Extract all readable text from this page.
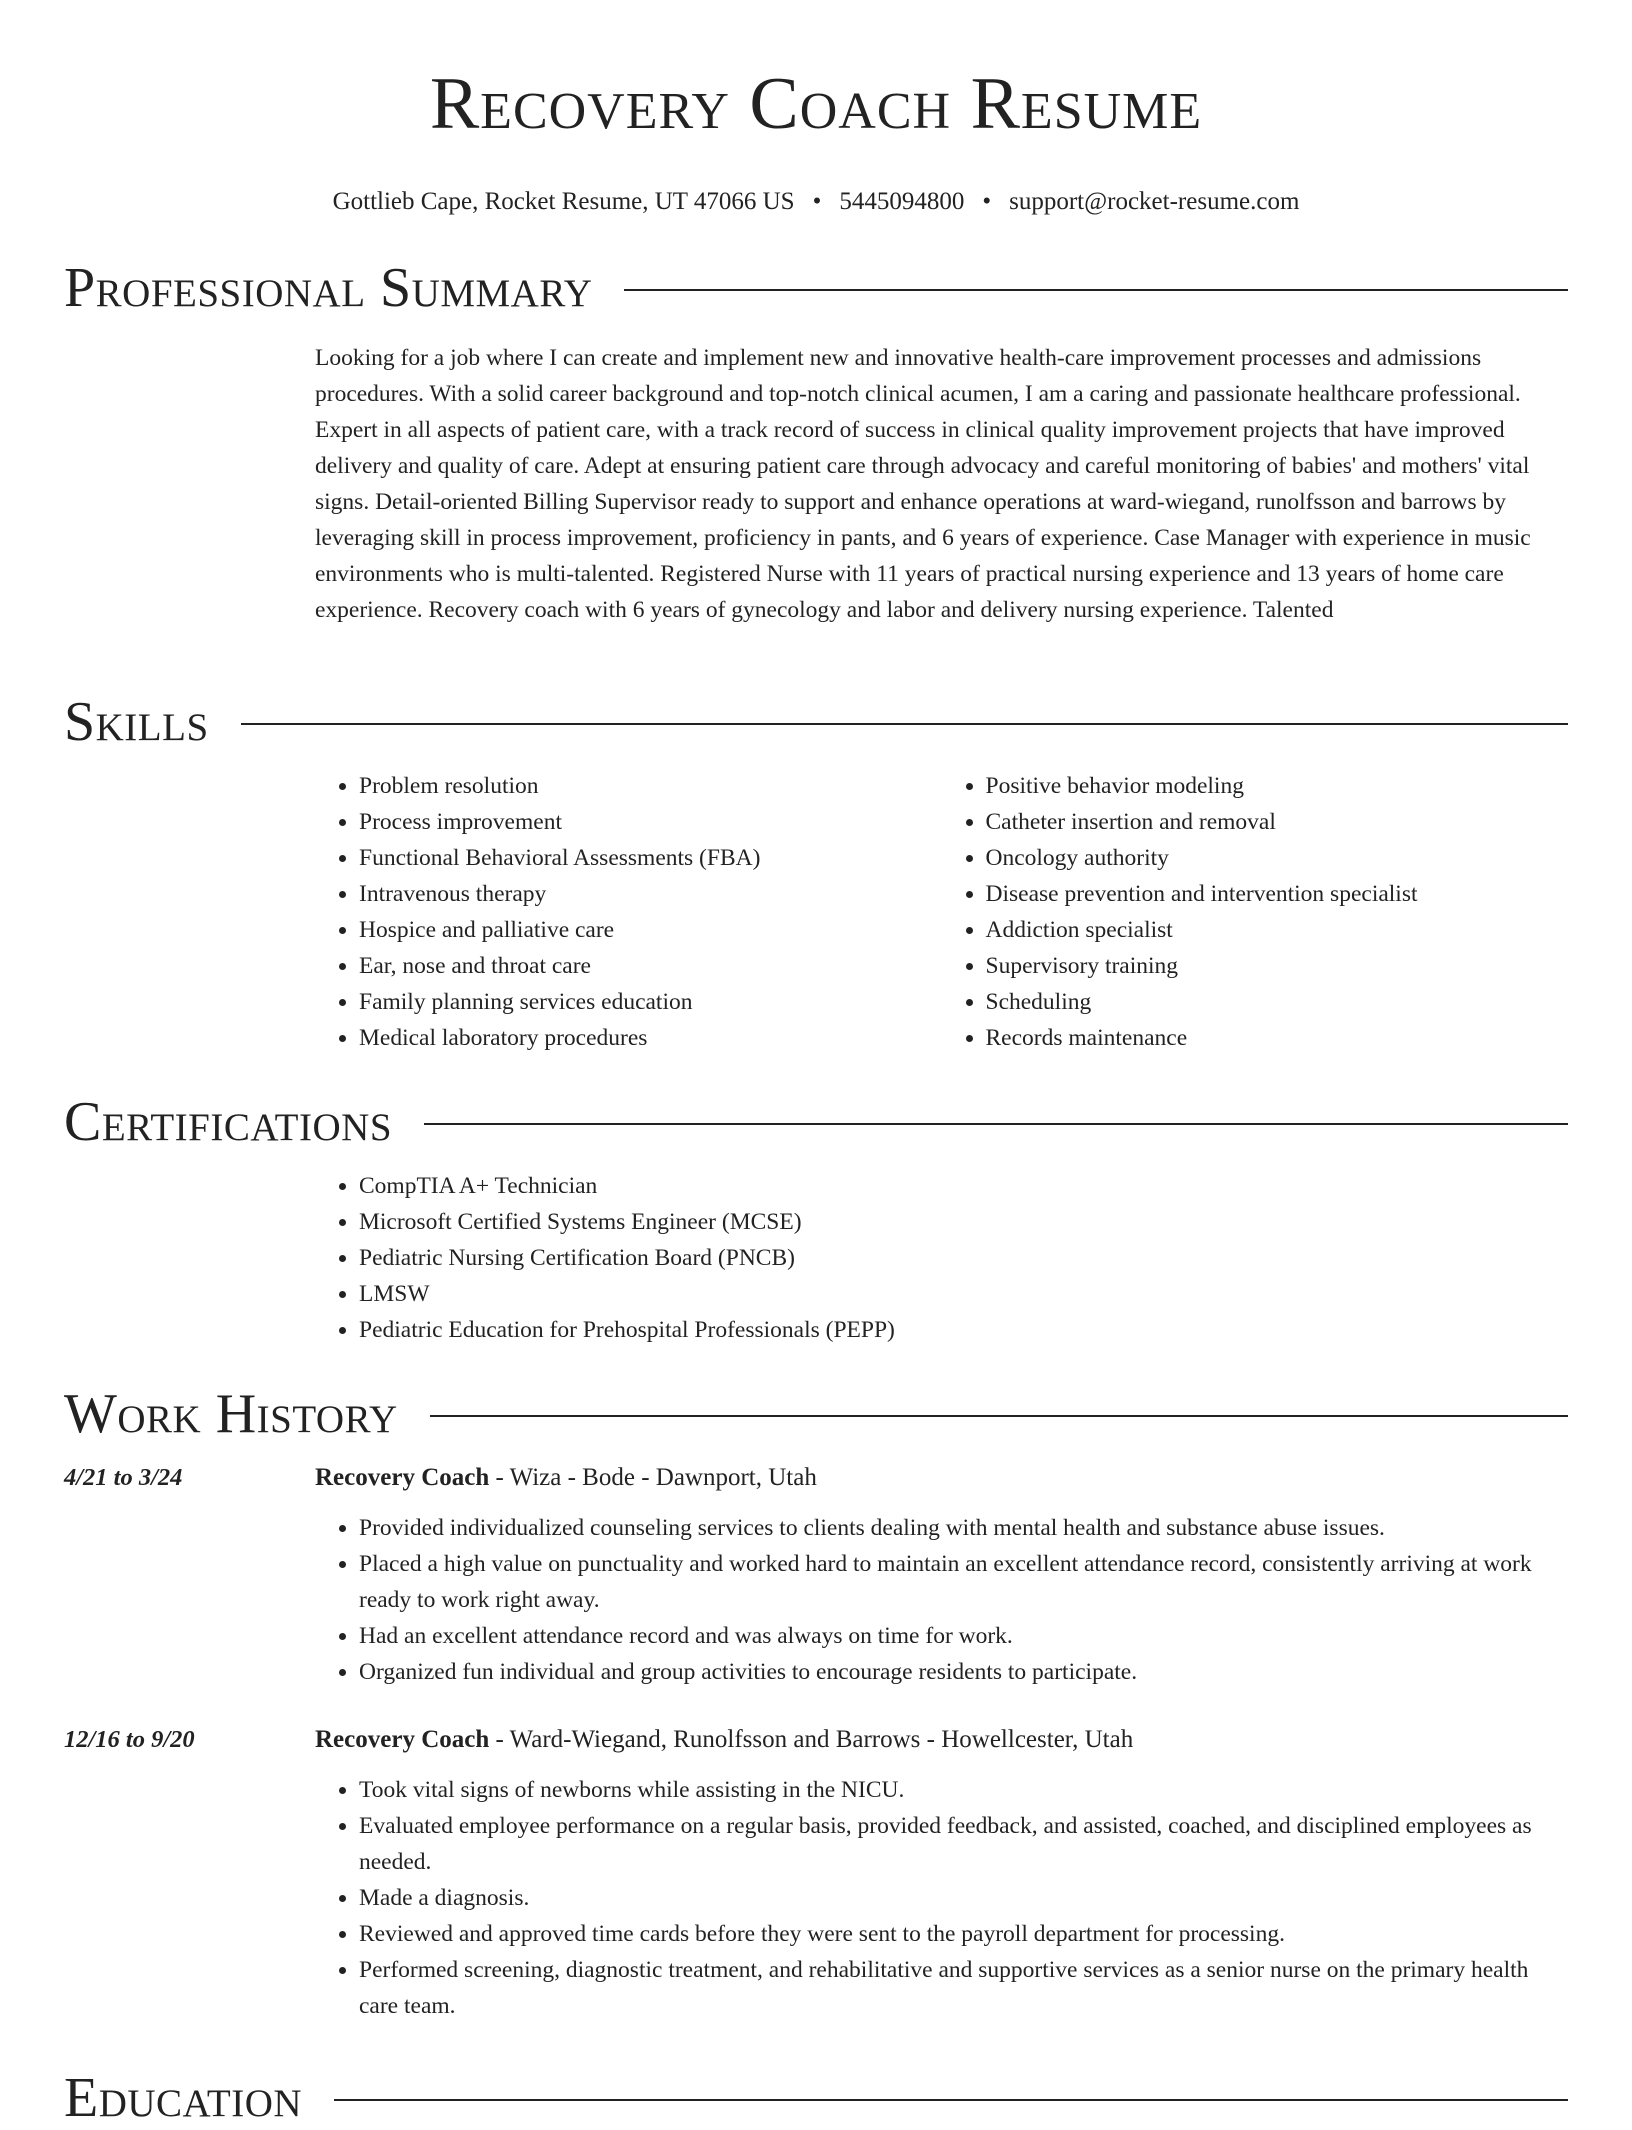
Recovery Coach Resume
Gottlieb Cape, Rocket Resume, UT 47066 US • 5445094800 • support@rocket-resume.com
Professional Summary

Looking for a job where I can create and implement new and innovative health-care improvement processes and admissions procedures. With a solid career background and top-notch clinical acumen, I am a caring and passionate healthcare professional. Expert in all aspects of patient care, with a track record of success in clinical quality improvement projects that have improved delivery and quality of care. Adept at ensuring patient care through advocacy and careful monitoring of babies' and mothers' vital signs. Detail-oriented Billing Supervisor ready to support and enhance operations at ward-wiegand, runolfsson and barrows by leveraging skill in process improvement, proficiency in pants, and 6 years of experience. Case Manager with experience in music environments who is multi-talented. Registered Nurse with 11 years of practical nursing experience and 13 years of home care experience. Recovery coach with 6 years of gynecology and labor and delivery nursing experience. Talented

Skills
• Problem resolution
• Process improvement
• Functional Behavioral Assessments (FBA)
• Intravenous therapy
• Hospice and palliative care
• Ear, nose and throat care
• Family planning services education
• Medical laboratory procedures
• Positive behavior modeling
• Catheter insertion and removal
• Oncology authority
• Disease prevention and intervention specialist
• Addiction specialist
• Supervisory training
• Scheduling
• Records maintenance
Certifications
• CompTIA A+ Technician
• Microsoft Certified Systems Engineer (MCSE)
• Pediatric Nursing Certification Board (PNCB)
• LMSW
• Pediatric Education for Prehospital Professionals (PEPP)
Work History
4/21 to 3/24	Recovery Coach - Wiza - Bode - Dawnport, Utah
• Provided individualized counseling services to clients dealing with mental health and substance abuse issues.
• Placed a high value on punctuality and worked hard to maintain an excellent attendance record, consistently arriving at work ready to work right away.
• Had an excellent attendance record and was always on time for work.
• Organized fun individual and group activities to encourage residents to participate.
12/16 to 9/20	Recovery Coach - Ward-Wiegand, Runolfsson and Barrows - Howellcester, Utah
• Took vital signs of newborns while assisting in the NICU.
• Evaluated employee performance on a regular basis, provided feedback, and assisted, coached, and disciplined employees as needed.
• Made a diagnosis.
• Reviewed and approved time cards before they were sent to the payroll department for processing.
• Performed screening, diagnostic treatment, and rehabilitative and supportive services as a senior nurse on the primary health care team.
Education
